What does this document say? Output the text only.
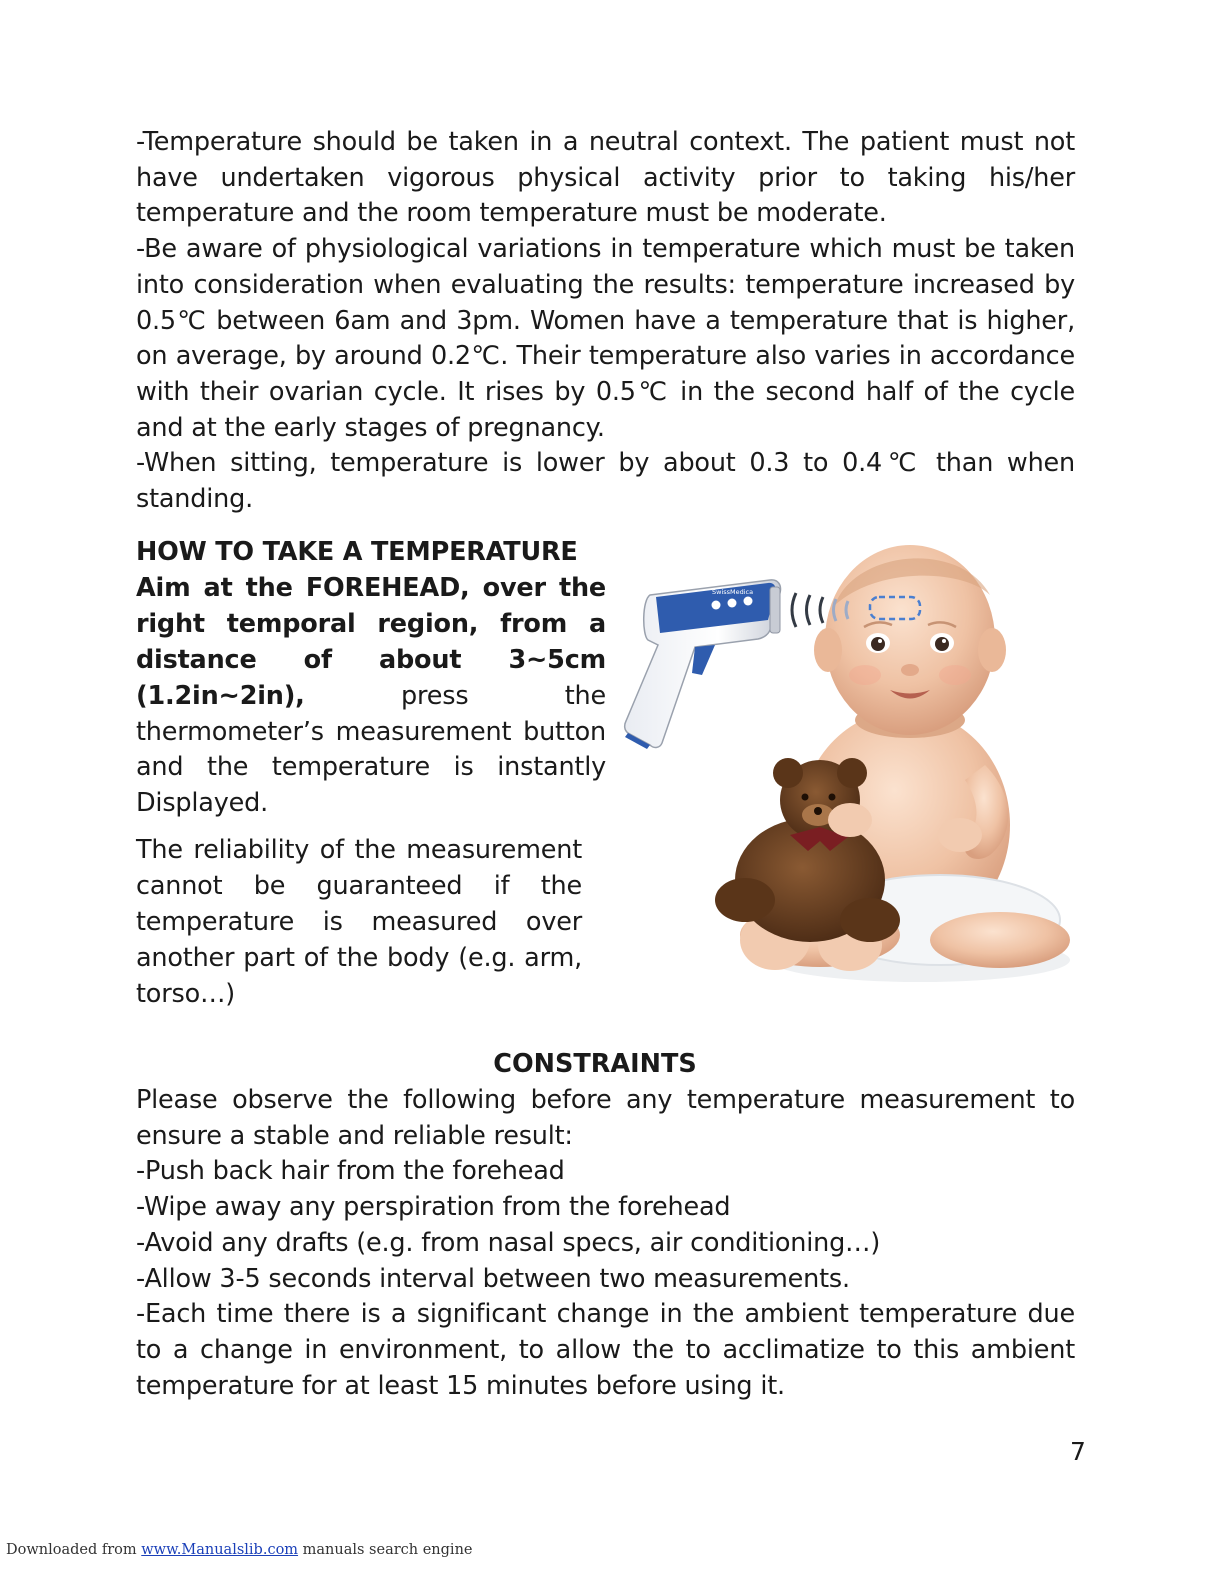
-Temperature should be taken in a neutral context. The patient must not have undertaken vigorous physical activity prior to taking his/her temperature and the room temperature must be moderate.

-Be aware of physiological variations in temperature which must be taken into consideration when evaluating the results: temperature increased by 0.5℃ between 6am and 3pm. Women have a temperature that is higher, on average, by around 0.2℃. Their temperature also varies in accordance with their ovarian cycle. It rises by 0.5℃ in the second half of the cycle and at the early stages of pregnancy.

-When sitting, temperature is lower by about 0.3 to 0.4℃ than when standing.

HOW TO TAKE A TEMPERATURE
Aim at the FOREHEAD, over the right temporal region, from a distance of about 3~5cm (1.2in~2in),	press the thermometer’s measurement button and the temperature is instantly Displayed.
The reliability of the measurement cannot be guaranteed if the temperature is measured over another part of the body (e.g. arm, torso…)
SwissMedica
CONSTRAINTS

Please observe the following before any temperature measurement to ensure a stable and reliable result:

-Push back hair from the forehead

-Wipe away any perspiration from the forehead

-Avoid any drafts (e.g. from nasal specs, air conditioning…)

-Allow 3-5 seconds interval between two measurements.

-Each time there is a significant change in the ambient temperature due to a change in environment, to allow the to acclimatize to this ambient temperature for at least 15 minutes before using it.

7
Downloaded from www.Manualslib.com manuals search engine
